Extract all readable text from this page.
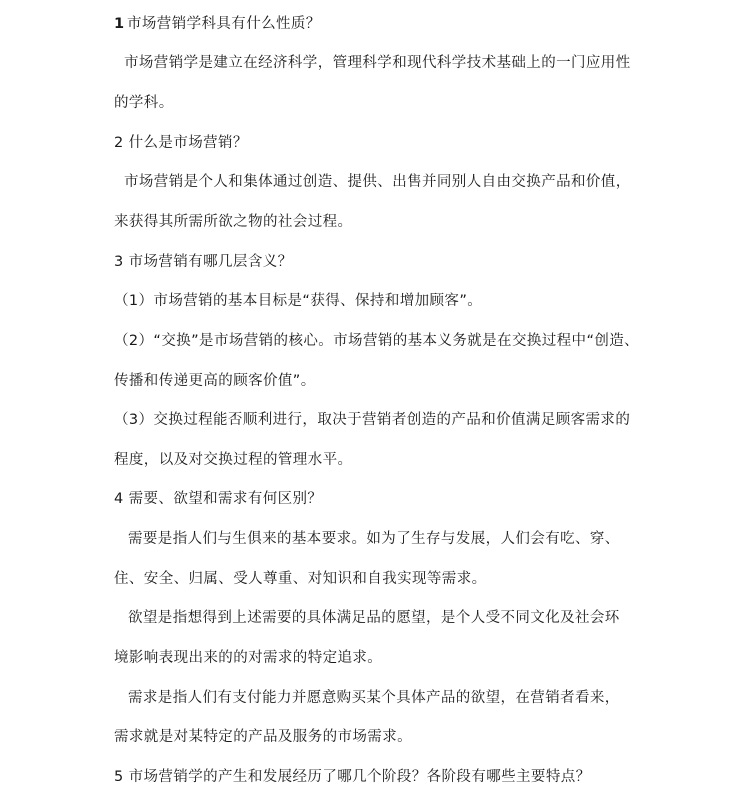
1 市场营销学科具有什么性质？
市场营销学是建立在经济科学，管理科学和现代科学技术基础上的一门应用性
的学科。
2 什么是市场营销？
市场营销是个人和集体通过创造、提供、出售并同别人自由交换产品和价值，
来获得其所需所欲之物的社会过程。
3 市场营销有哪几层含义？
（1）市场营销的基本目标是“获得、保持和增加顾客”。
（2）“交换”是市场营销的核心。市场营销的基本义务就是在交换过程中“创造、
传播和传递更高的顾客价值”。
（3）交换过程能否顺利进行，取决于营销者创造的产品和价值满足顾客需求的
程度，以及对交换过程的管理水平。
4 需要、欲望和需求有何区别？
需要是指人们与生俱来的基本要求。如为了生存与发展，人们会有吃、穿、
住、安全、归属、受人尊重、对知识和自我实现等需求。
欲望是指想得到上述需要的具体满足品的愿望，是个人受不同文化及社会环
境影响表现出来的的对需求的特定追求。
需求是指人们有支付能力并愿意购买某个具体产品的欲望，在营销者看来，
需求就是对某特定的产品及服务的市场需求。
5 市场营销学的产生和发展经历了哪几个阶段？各阶段有哪些主要特点？
